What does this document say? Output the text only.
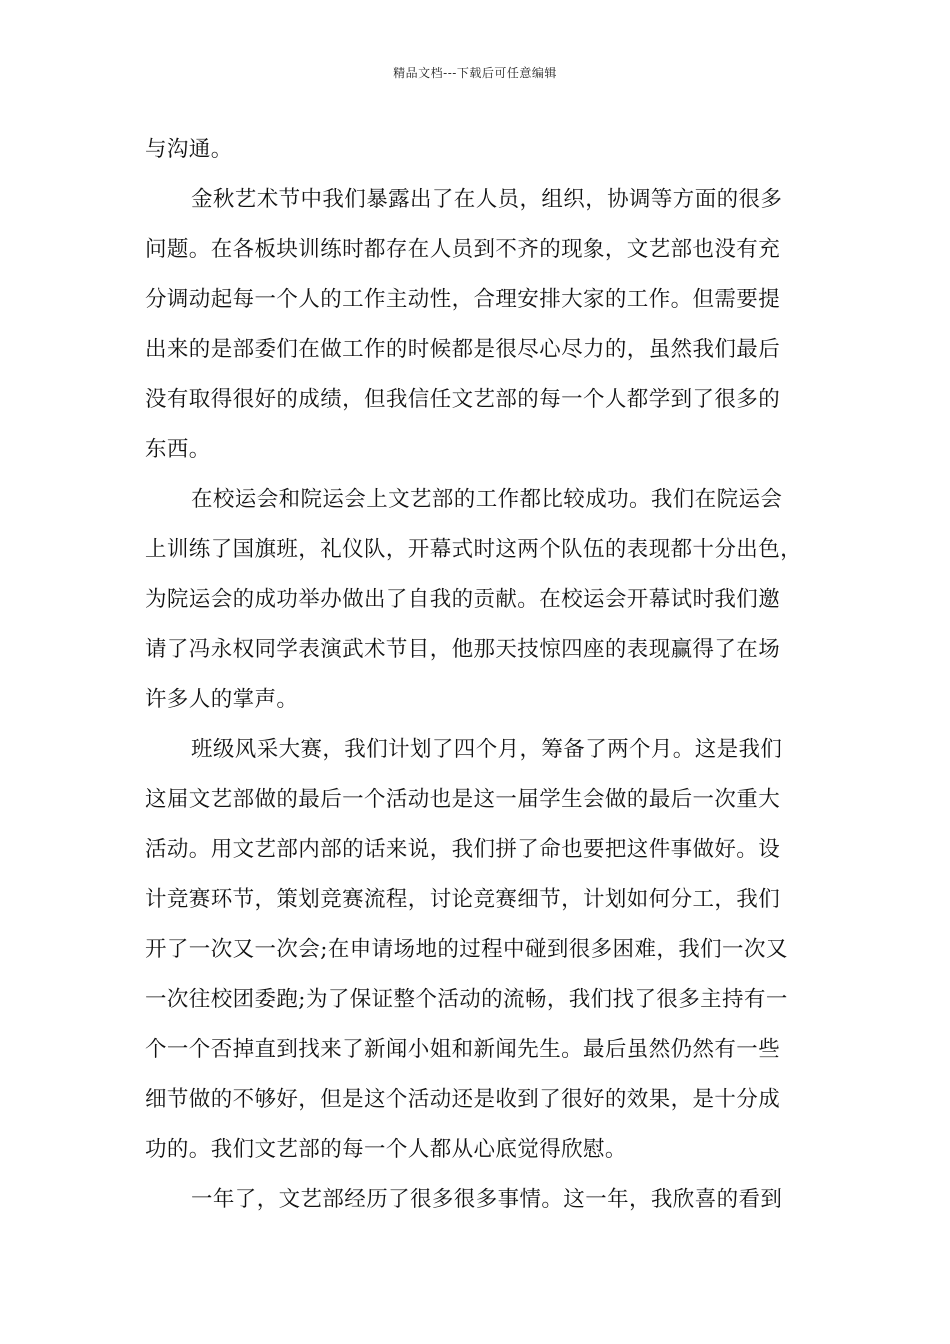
精品文档---下载后可任意编辑
与沟通。
金秋艺术节中我们暴露出了在人员，组织，协调等方面的很多
问题。在各板块训练时都存在人员到不齐的现象，文艺部也没有充
分调动起每一个人的工作主动性，合理安排大家的工作。但需要提
出来的是部委们在做工作的时候都是很尽心尽力的，虽然我们最后
没有取得很好的成绩，但我信任文艺部的每一个人都学到了很多的
东西。
在校运会和院运会上文艺部的工作都比较成功。我们在院运会
上训练了国旗班，礼仪队，开幕式时这两个队伍的表现都十分出色，
为院运会的成功举办做出了自我的贡献。在校运会开幕试时我们邀
请了冯永权同学表演武术节目，他那天技惊四座的表现赢得了在场
许多人的掌声。
班级风采大赛，我们计划了四个月，筹备了两个月。这是我们
这届文艺部做的最后一个活动也是这一届学生会做的最后一次重大
活动。用文艺部内部的话来说，我们拼了命也要把这件事做好。设
计竞赛环节，策划竞赛流程，讨论竞赛细节，计划如何分工，我们
开了一次又一次会;在申请场地的过程中碰到很多困难，我们一次又
一次往校团委跑;为了保证整个活动的流畅，我们找了很多主持有一
个一个否掉直到找来了新闻小姐和新闻先生。最后虽然仍然有一些
细节做的不够好，但是这个活动还是收到了很好的效果，是十分成
功的。我们文艺部的每一个人都从心底觉得欣慰。
一年了，文艺部经历了很多很多事情。这一年，我欣喜的看到
